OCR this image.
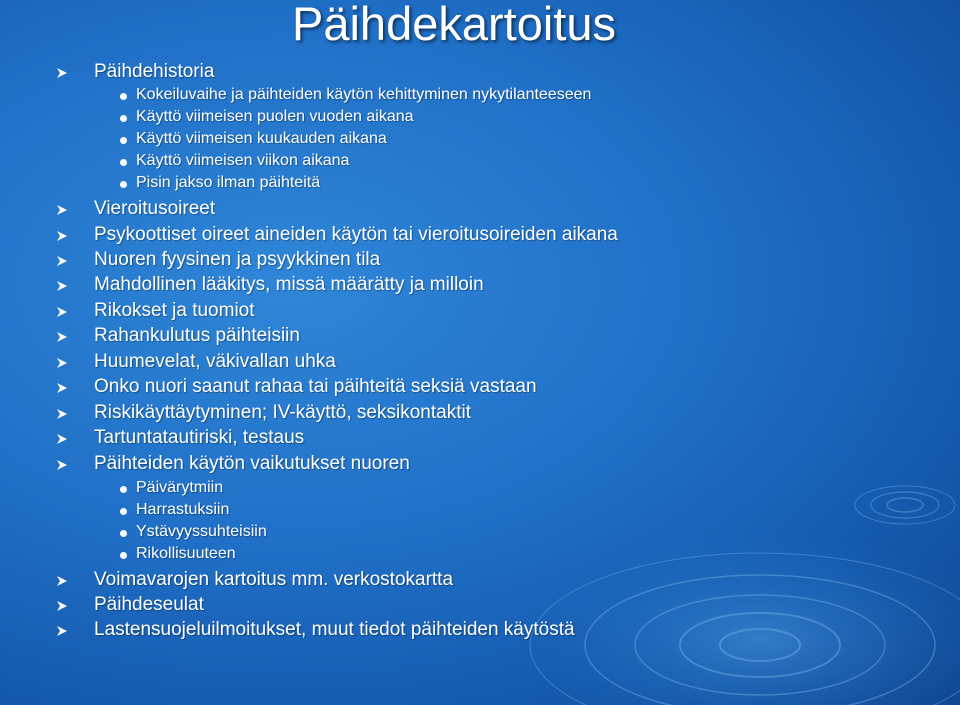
Päihdekartoitus
Päihdehistoria
Kokeiluvaihe ja päihteiden käytön kehittyminen nykytilanteeseen
Käyttö viimeisen puolen vuoden aikana
Käyttö viimeisen kuukauden aikana
Käyttö viimeisen viikon aikana
Pisin jakso ilman päihteitä
Vieroitusoireet
Psykoottiset oireet aineiden käytön tai vieroitusoireiden aikana
Nuoren fyysinen ja psyykkinen tila
Mahdollinen lääkitys, missä määrätty ja milloin
Rikokset ja tuomiot
Rahankulutus päihteisiin
Huumevelat, väkivallan uhka
Onko nuori saanut rahaa tai päihteitä seksiä vastaan
Riskikäyttäytyminen; IV-käyttö, seksikontaktit
Tartuntatautiriski, testaus
Päihteiden käytön vaikutukset nuoren
Päivärytmiin
Harrastuksiin
Ystävyyssuhteisiin
Rikollisuuteen
Voimavarojen kartoitus mm. verkostokartta
Päihdeseulat
Lastensuojeluilmoitukset, muut tiedot päihteiden käytöstä
